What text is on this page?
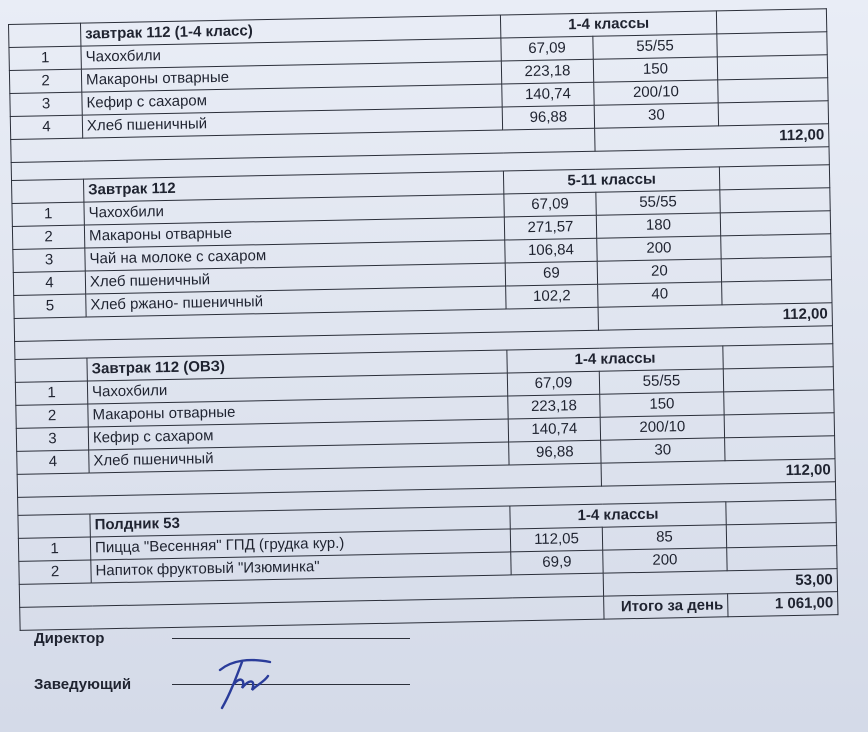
	завтрак 112 (1-4 класс)	1-4 классы		
1	Чахохбили	67,09	55/55	
2	Макароны отварные	223,18	150	
3	Кефир с сахаром	140,74	200/10	
4	Хлеб пшеничный	96,88	30	
			112,00	

	Завтрак 112	5-11 классы		
1	Чахохбили	67,09	55/55	
2	Макароны отварные	271,57	180	
3	Чай на молоке с сахаром	106,84	200	
4	Хлеб пшеничный	69	20	
5	Хлеб ржано- пшеничный	102,2	40	
			112,00	

	Завтрак 112 (ОВЗ)	1-4 классы		
1	Чахохбили	67,09	55/55	
2	Макароны отварные	223,18	150	
3	Кефир с сахаром	140,74	200/10	
4	Хлеб пшеничный	96,88	30	
			112,00	

	Полдник 53	1-4 классы		
1	Пицца "Весенняя" ГПД (грудка кур.)	112,05	85	
2	Напиток фруктовый "Изюминка"	69,9	200	
			53,00	
			Итого за день	1 061,00
Директор
Заведующий
